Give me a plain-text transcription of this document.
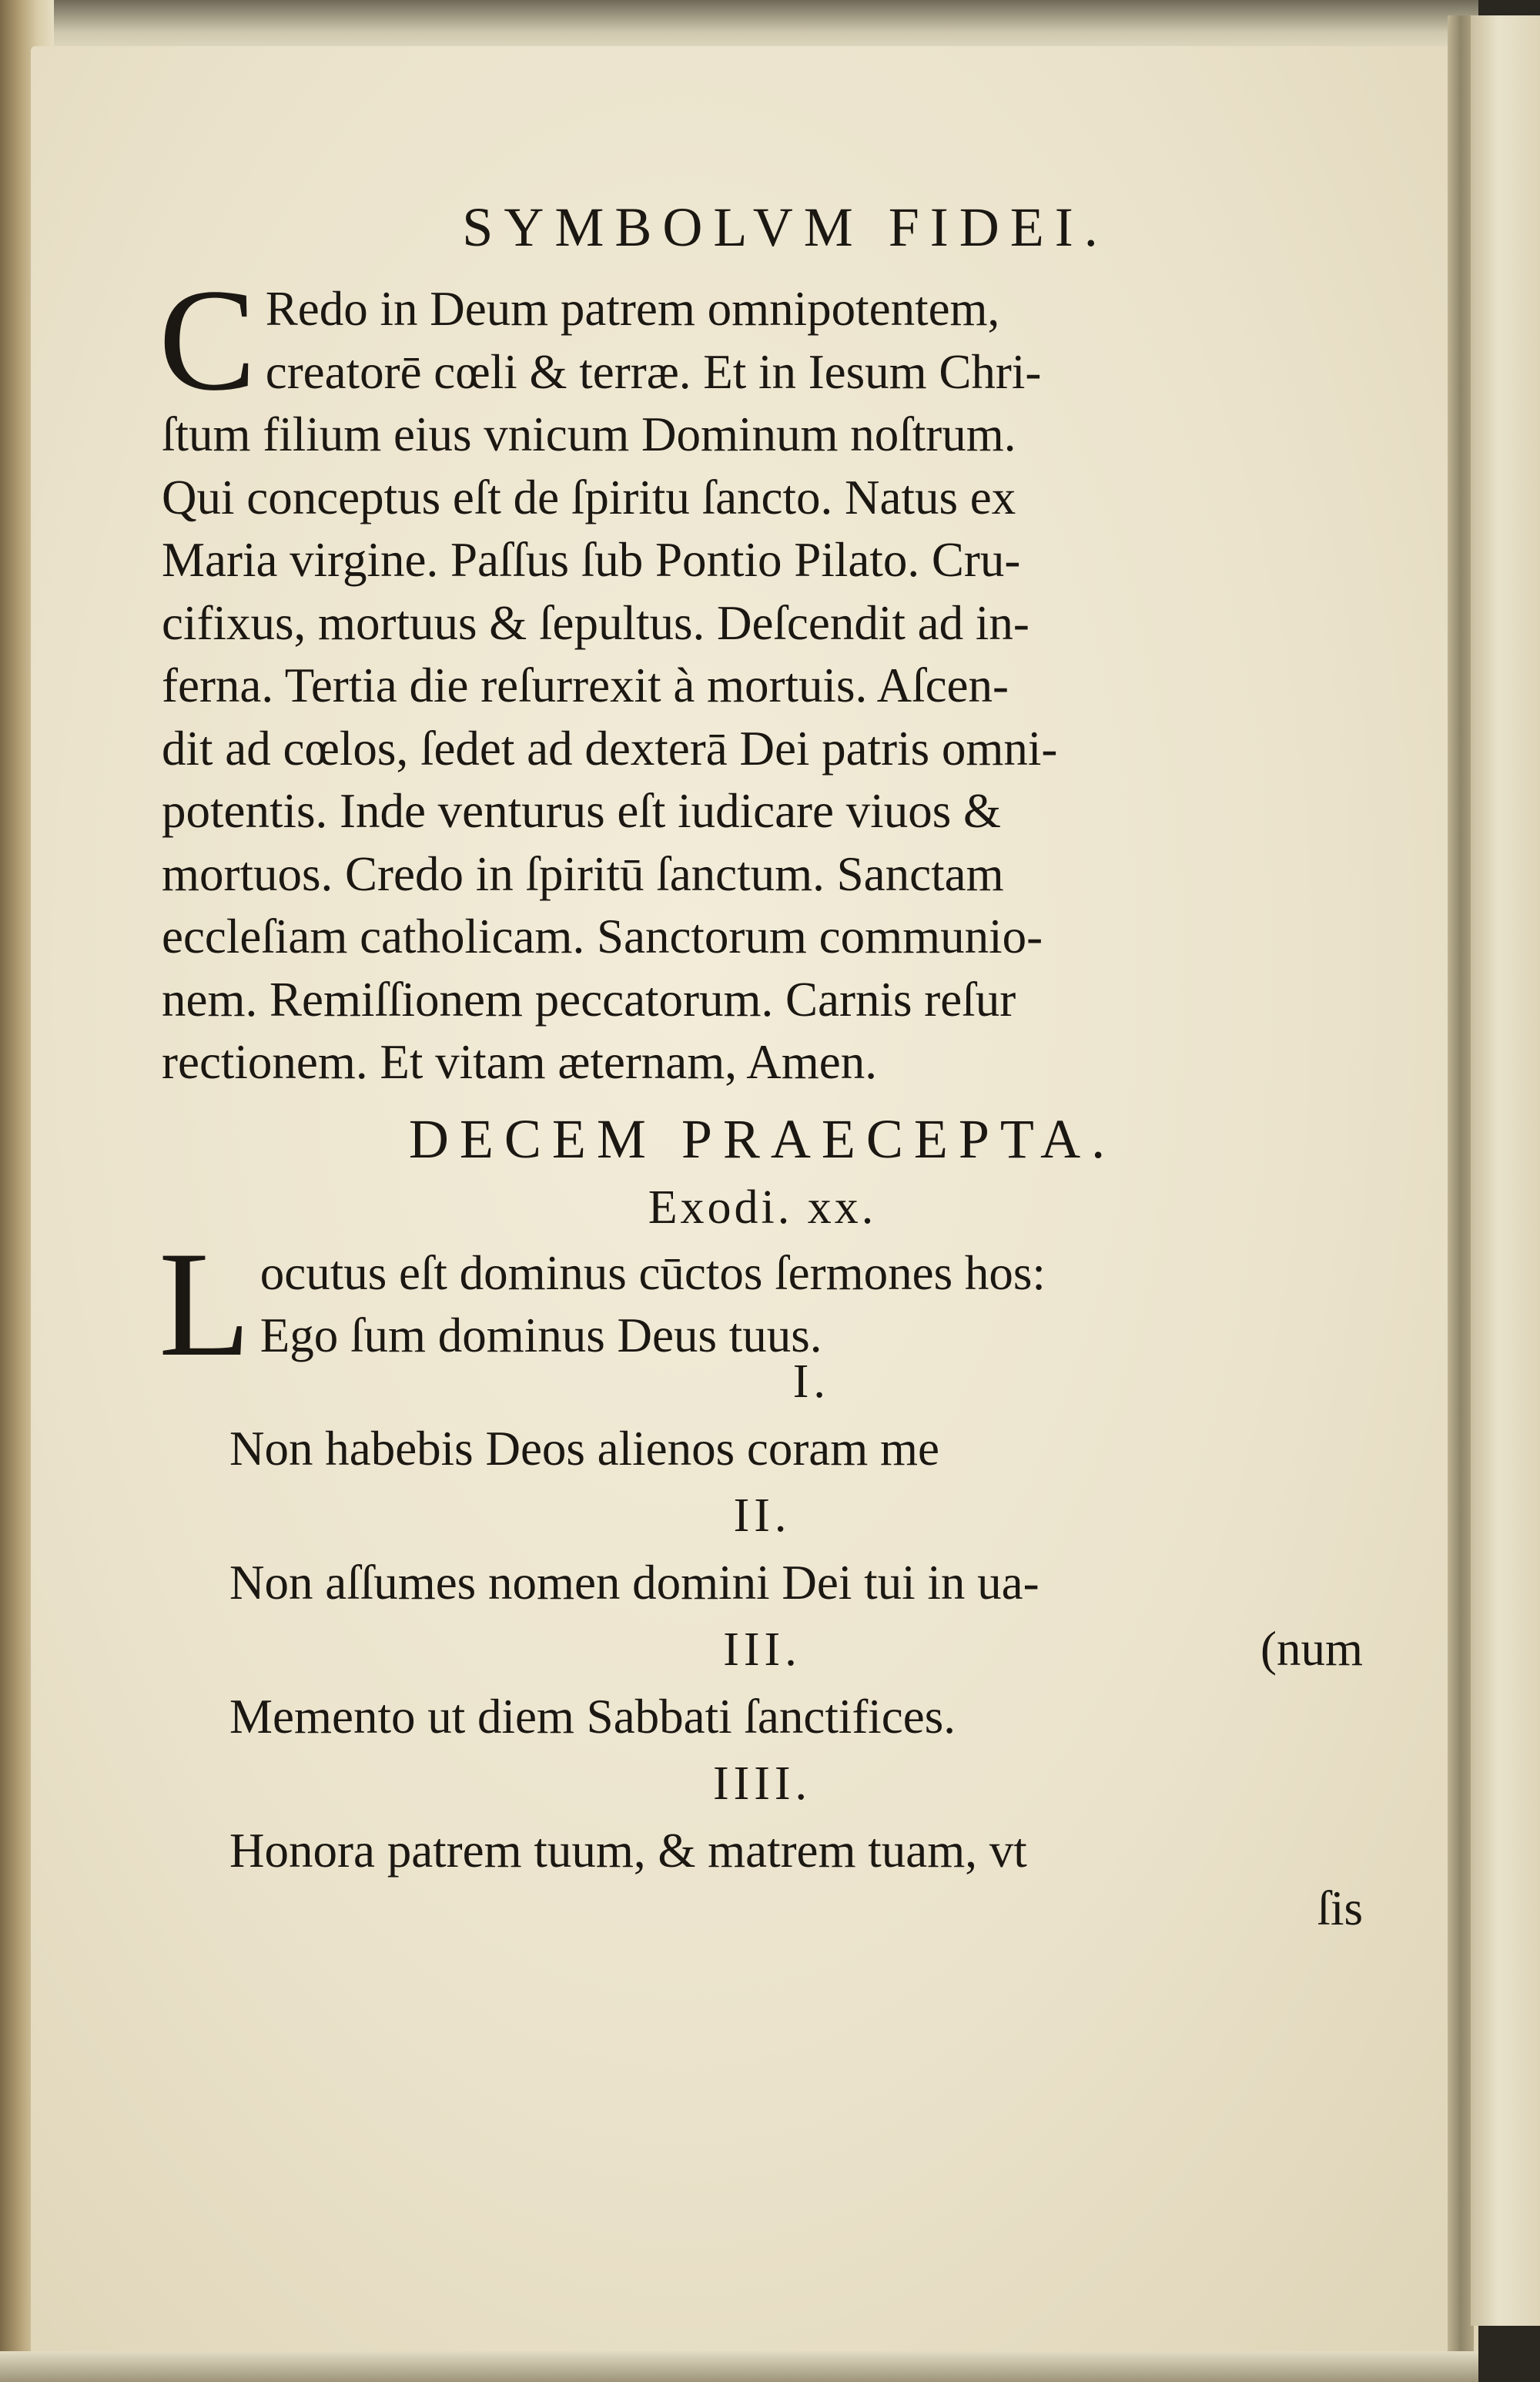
SYMBOLVM FIDEI.
C Redo in Deum patrem omnipotentem,
creatorē cœli & terræ. Et in Iesum Chri-
ſtum filium eius vnicum Dominum noſtrum.
Qui conceptus eſt de ſpiritu ſancto. Natus ex
Maria virgine. Paſſus ſub Pontio Pilato. Cru-
cifixus, mortuus & ſepultus. Deſcendit ad in-
ferna. Tertia die reſurrexit à mortuis. Aſcen-
dit ad cœlos, ſedet ad dexterā Dei patris omni-
potentis. Inde venturus eſt iudicare viuos &
mortuos. Credo in ſpiritū ſanctum. Sanctam
eccleſiam catholicam. Sanctorum communio-
nem. Remiſſionem peccatorum. Carnis reſur
rectionem. Et vitam æternam, Amen.
DECEM PRAECEPTA.
Exodi. xx.
L ocutus eſt dominus cūctos ſermones hos:
Ego ſum dominus Deus tuus.
I.
Non habebis Deos alienos coram me
II.
Non aſſumes nomen domini Dei tui in ua-
III.	(num
Memento ut diem Sabbati ſanctifices.
IIII.
Honora patrem tuum, & matrem tuam, vt
ſis
